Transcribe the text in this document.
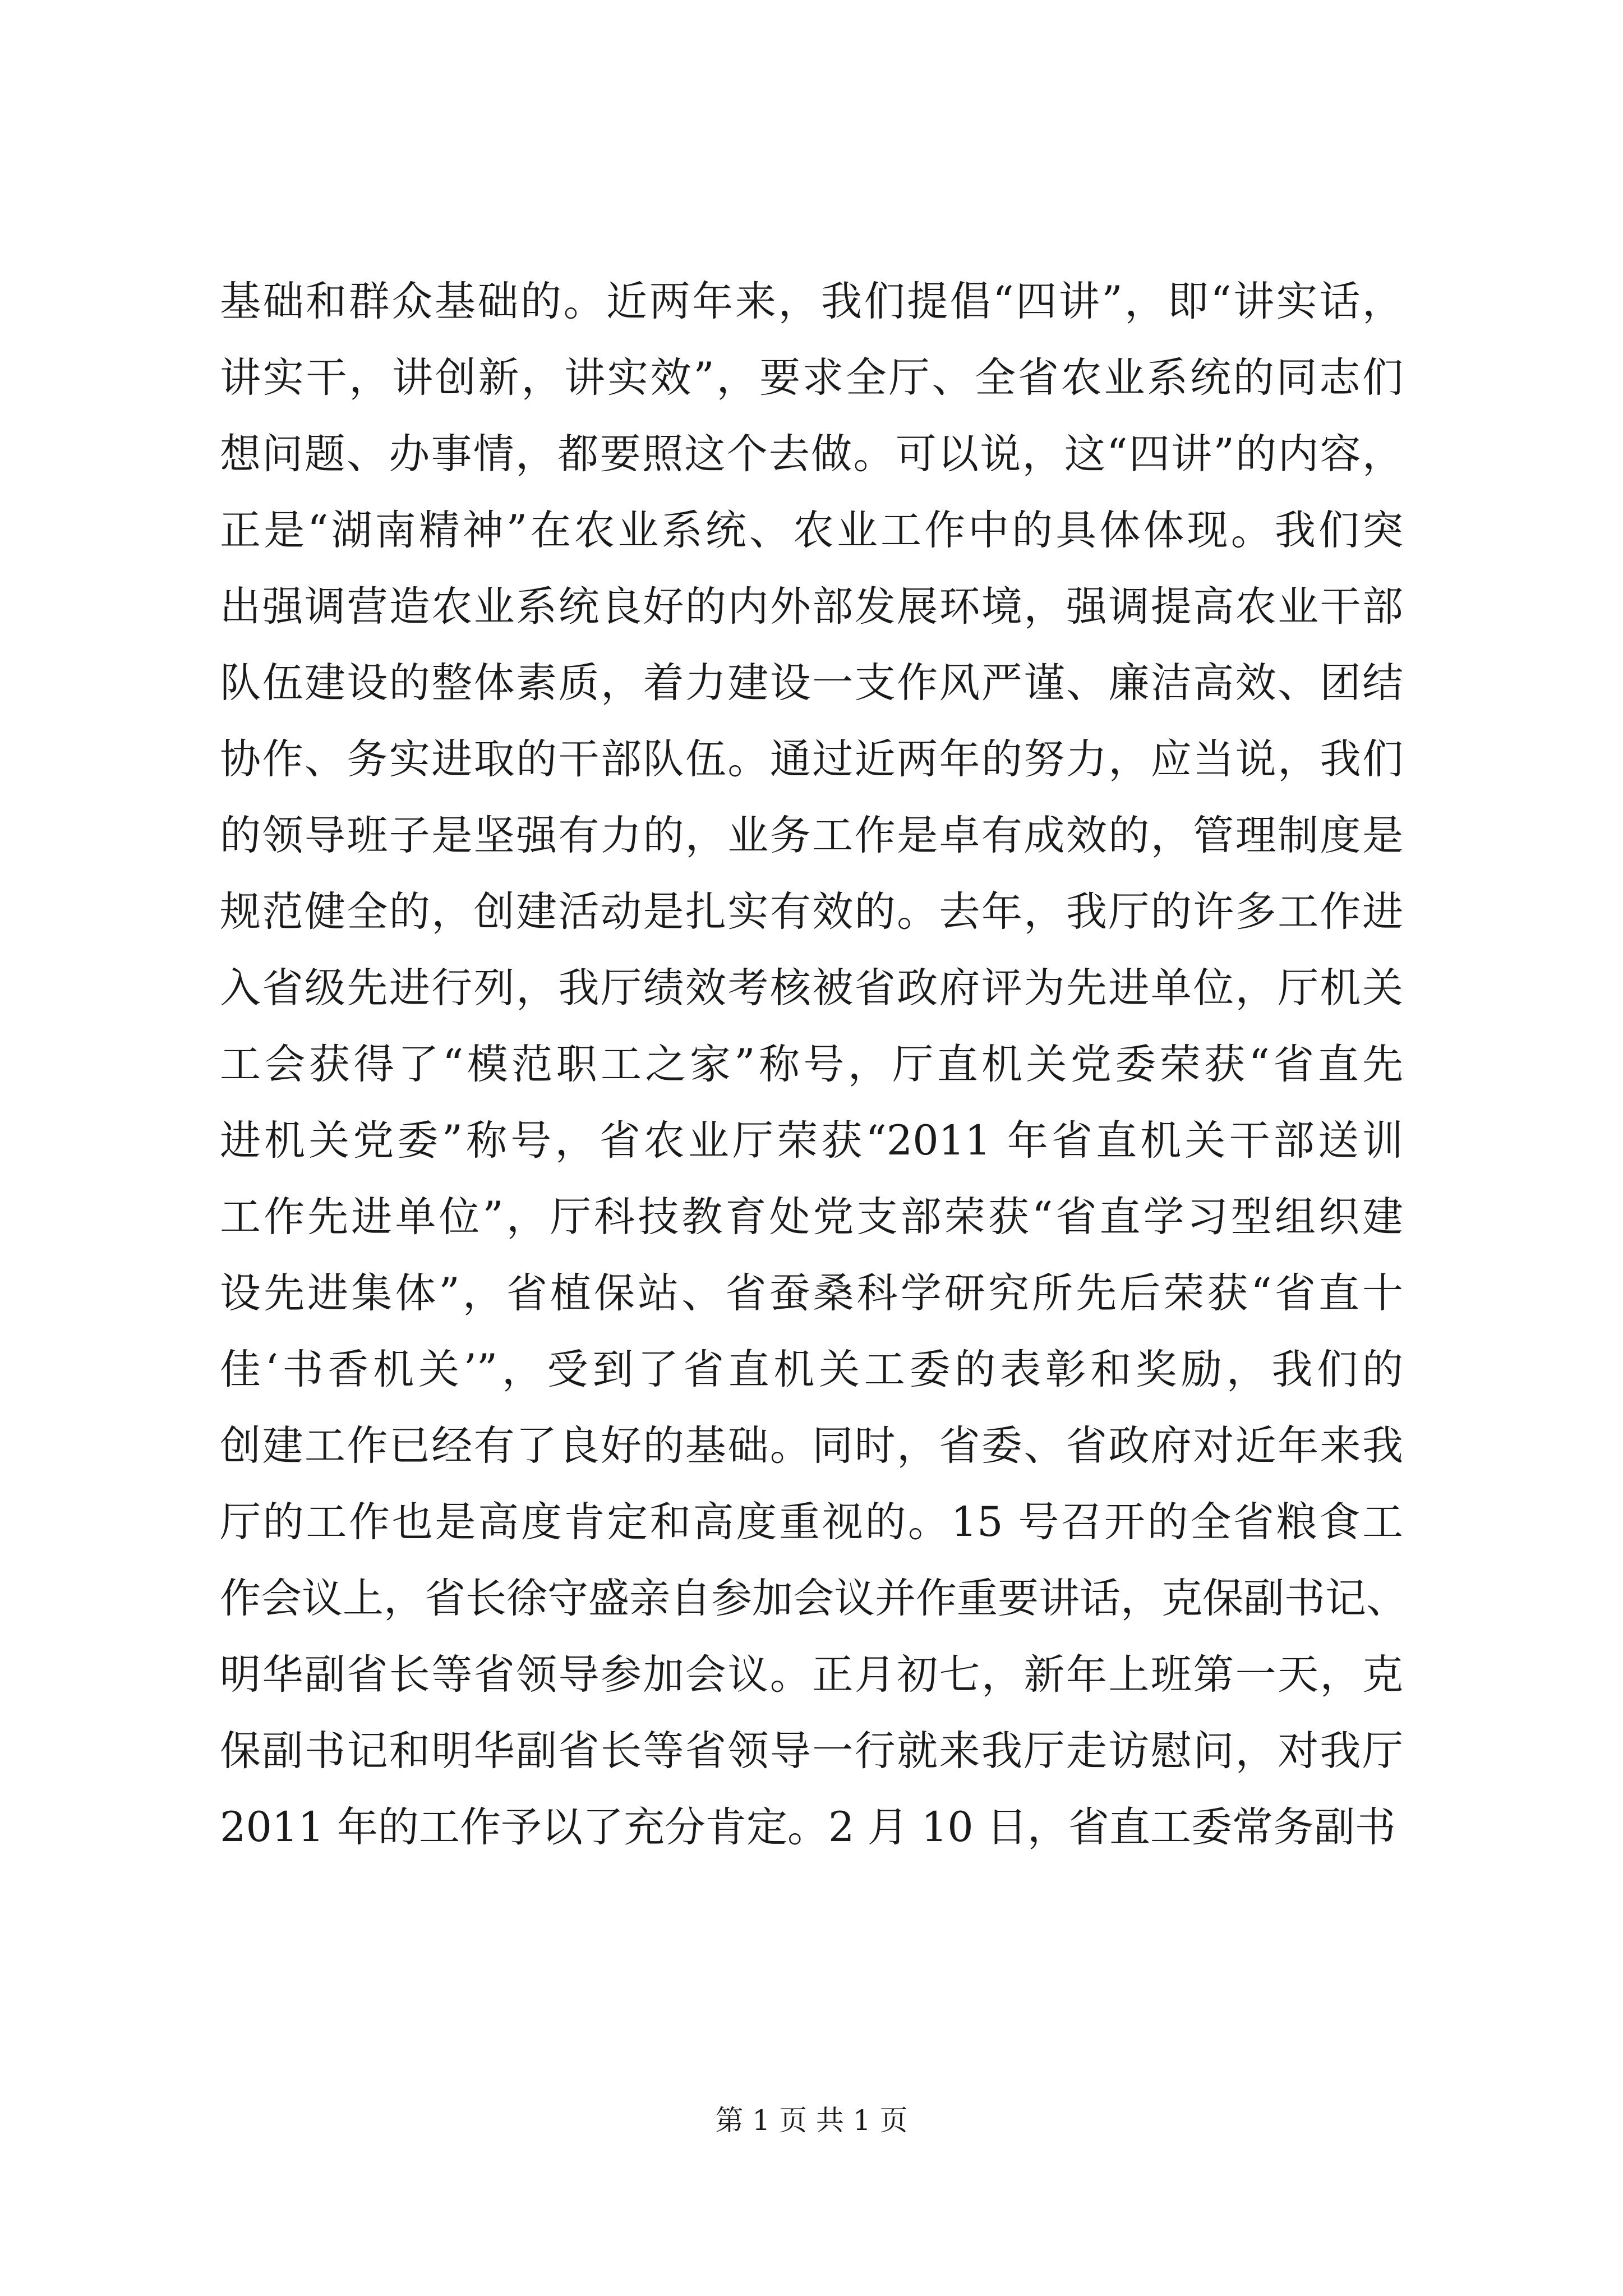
基础和群众基础的。近两年来，我们提倡“四讲”，即“讲实话，
讲实干，讲创新，讲实效”，要求全厅、全省农业系统的同志们
想问题、办事情，都要照这个去做。可以说，这“四讲”的内容，
正是“湖南精神”在农业系统、农业工作中的具体体现。我们突
出强调营造农业系统良好的内外部发展环境，强调提高农业干部
队伍建设的整体素质，着力建设一支作风严谨、廉洁高效、团结
协作、务实进取的干部队伍。通过近两年的努力，应当说，我们
的领导班子是坚强有力的，业务工作是卓有成效的，管理制度是
规范健全的，创建活动是扎实有效的。去年，我厅的许多工作进
入省级先进行列，我厅绩效考核被省政府评为先进单位，厅机关
工会获得了“模范职工之家”称号，厅直机关党委荣获“省直先
进机关党委”称号，省农业厅荣获“2011 年省直机关干部送训
工作先进单位”，厅科技教育处党支部荣获“省直学习型组织建
设先进集体”，省植保站、省蚕桑科学研究所先后荣获“省直十
佳‘书香机关’”，受到了省直机关工委的表彰和奖励，我们的
创建工作已经有了良好的基础。同时，省委、省政府对近年来我
厅的工作也是高度肯定和高度重视的。15 号召开的全省粮食工
作会议上，省长徐守盛亲自参加会议并作重要讲话，克保副书记、
明华副省长等省领导参加会议。正月初七，新年上班第一天，克
保副书记和明华副省长等省领导一行就来我厅走访慰问，对我厅
2011 年的工作予以了充分肯定。2 月 10 日，省直工委常务副书
第 1 页 共 1 页
